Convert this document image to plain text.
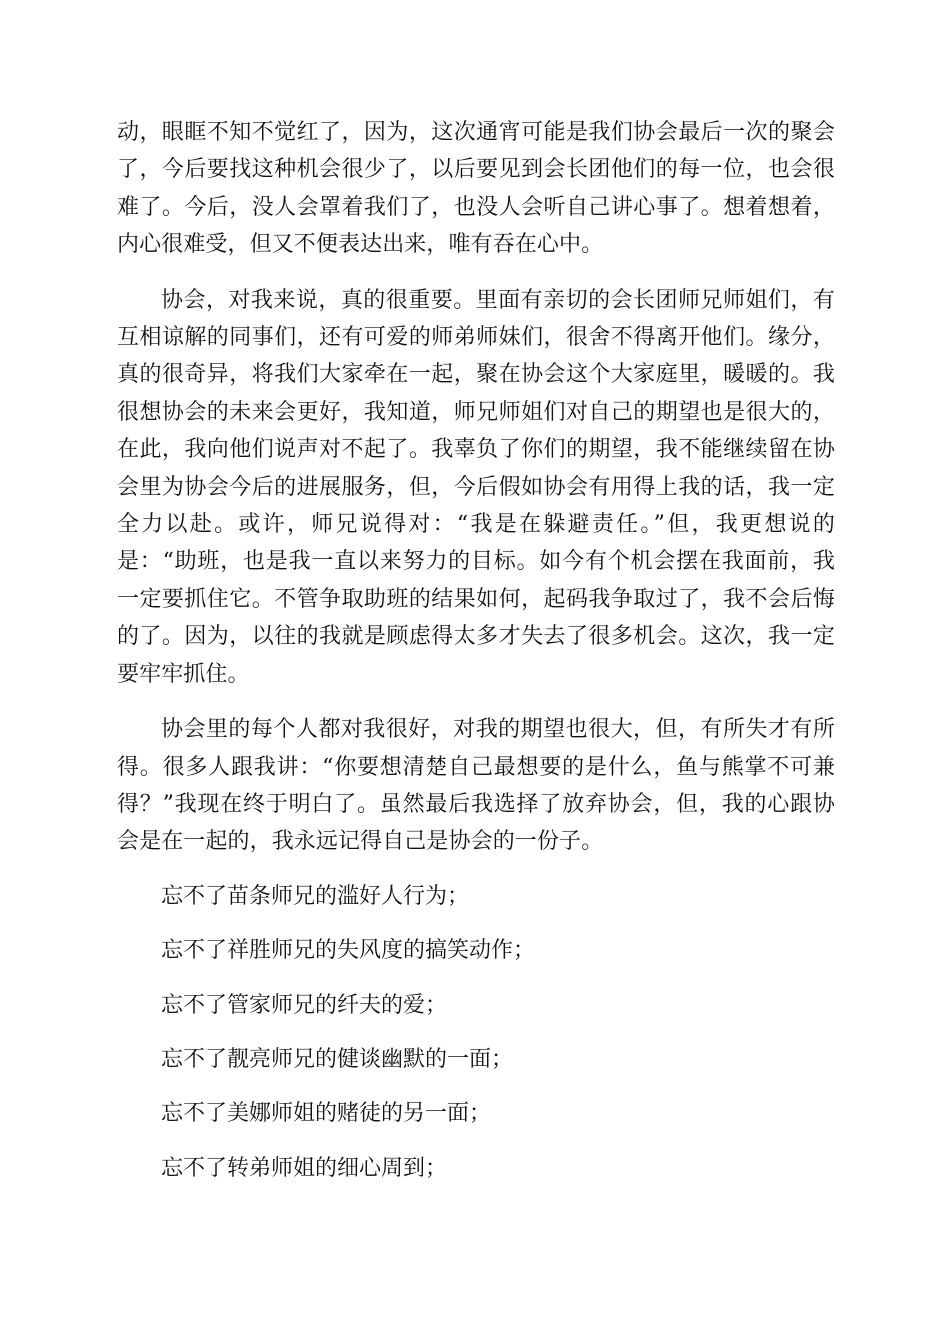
动，眼眶不知不觉红了，因为，这次通宵可能是我们协会最后一次的聚会了，今后要找这种机会很少了，以后要见到会长团他们的每一位，也会很难了。今后，没人会罩着我们了，也没人会听自己讲心事了。想着想着，内心很难受，但又不便表达出来，唯有吞在心中。

协会，对我来说，真的很重要。里面有亲切的会长团师兄师姐们，有互相谅解的同事们，还有可爱的师弟师妹们，很舍不得离开他们。缘分，真的很奇异，将我们大家牵在一起，聚在协会这个大家庭里，暖暖的。我很想协会的未来会更好，我知道，师兄师姐们对自己的期望也是很大的，在此，我向他们说声对不起了。我辜负了你们的期望，我不能继续留在协会里为协会今后的进展服务，但，今后假如协会有用得上我的话，我一定全力以赴。或许，师兄说得对：“我是在躲避责任。”但，我更想说的是：“助班，也是我一直以来努力的目标。如今有个机会摆在我面前，我一定要抓住它。不管争取助班的结果如何，起码我争取过了，我不会后悔的了。因为，以往的我就是顾虑得太多才失去了很多机会。这次，我一定要牢牢抓住。

协会里的每个人都对我很好，对我的期望也很大，但，有所失才有所得。很多人跟我讲：“你要想清楚自己最想要的是什么，鱼与熊掌不可兼得？”我现在终于明白了。虽然最后我选择了放弃协会，但，我的心跟协会是在一起的，我永远记得自己是协会的一份子。

忘不了苗条师兄的滥好人行为；

忘不了祥胜师兄的失风度的搞笑动作；

忘不了管家师兄的纤夫的爱；

忘不了靓亮师兄的健谈幽默的一面；

忘不了美娜师姐的赌徒的另一面；

忘不了转弟师姐的细心周到；
